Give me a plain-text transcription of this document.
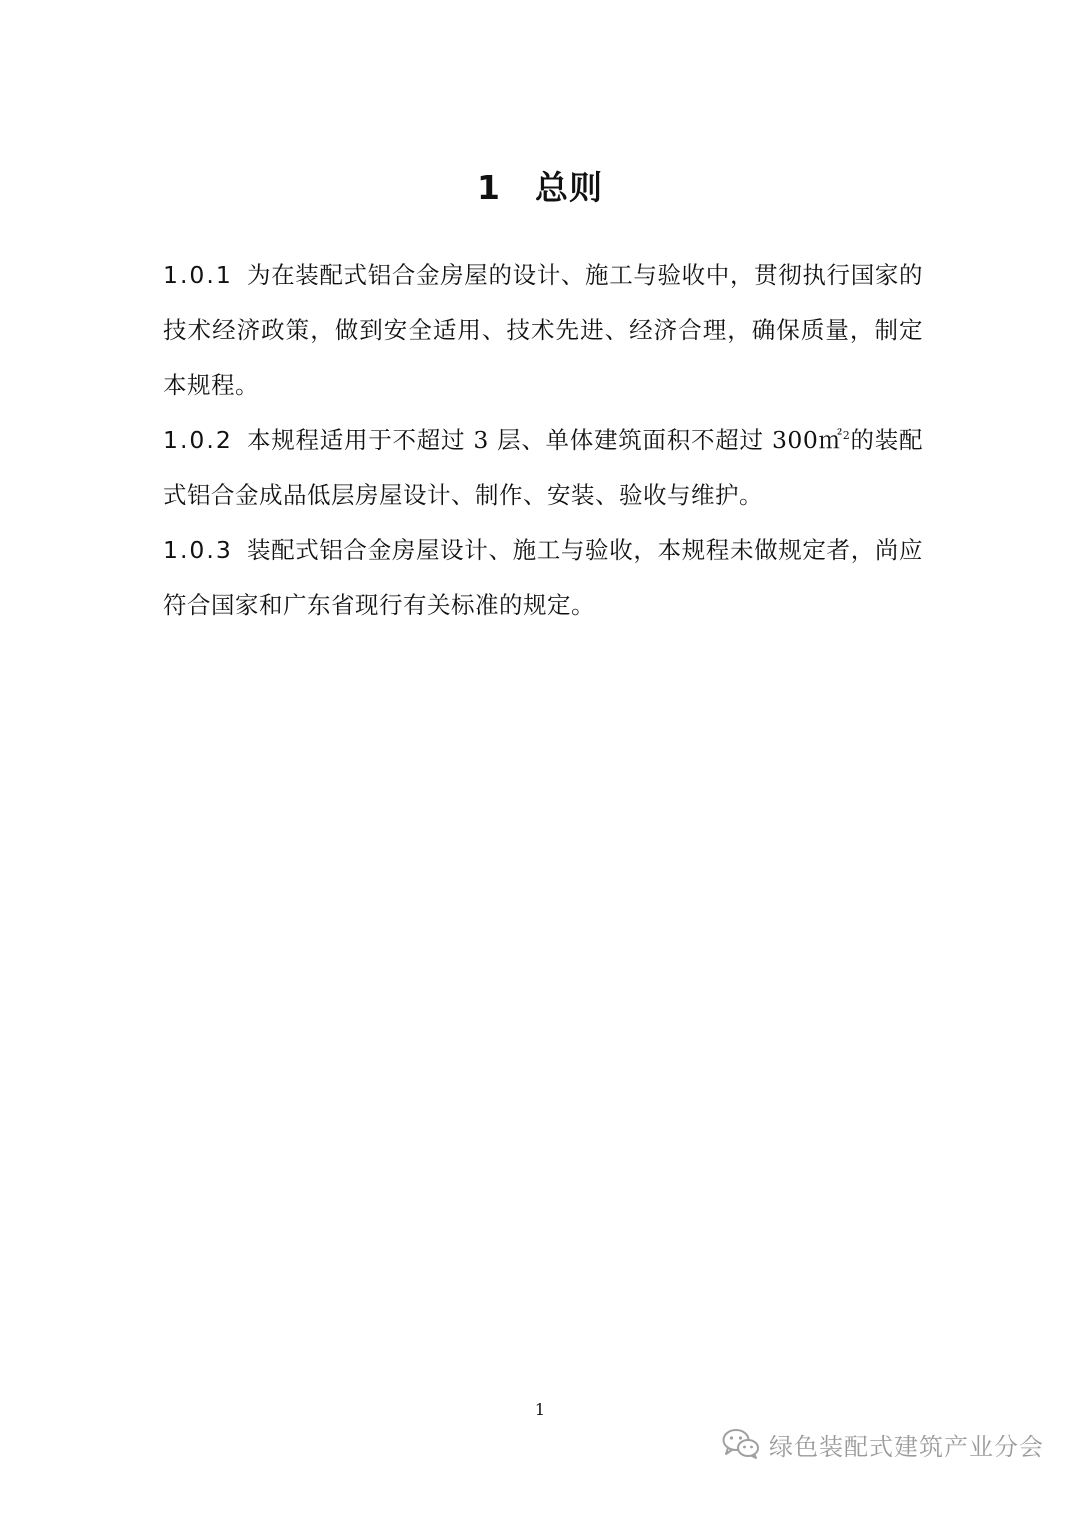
1　总则

1.0.1 为在装配式铝合金房屋的设计、施工与验收中，贯彻执行国家的技术经济政策，做到安全适用、技术先进、经济合理，确保质量，制定本规程。

1.0.2 本规程适用于不超过 3 层、单体建筑面积不超过 300㎡$^2$的装配式铝合金成品低层房屋设计、制作、安装、验收与维护。

1.0.3 装配式铝合金房屋设计、施工与验收，本规程未做规定者，尚应符合国家和广东省现行有关标准的规定。

1
绿色装配式建筑产业分会
